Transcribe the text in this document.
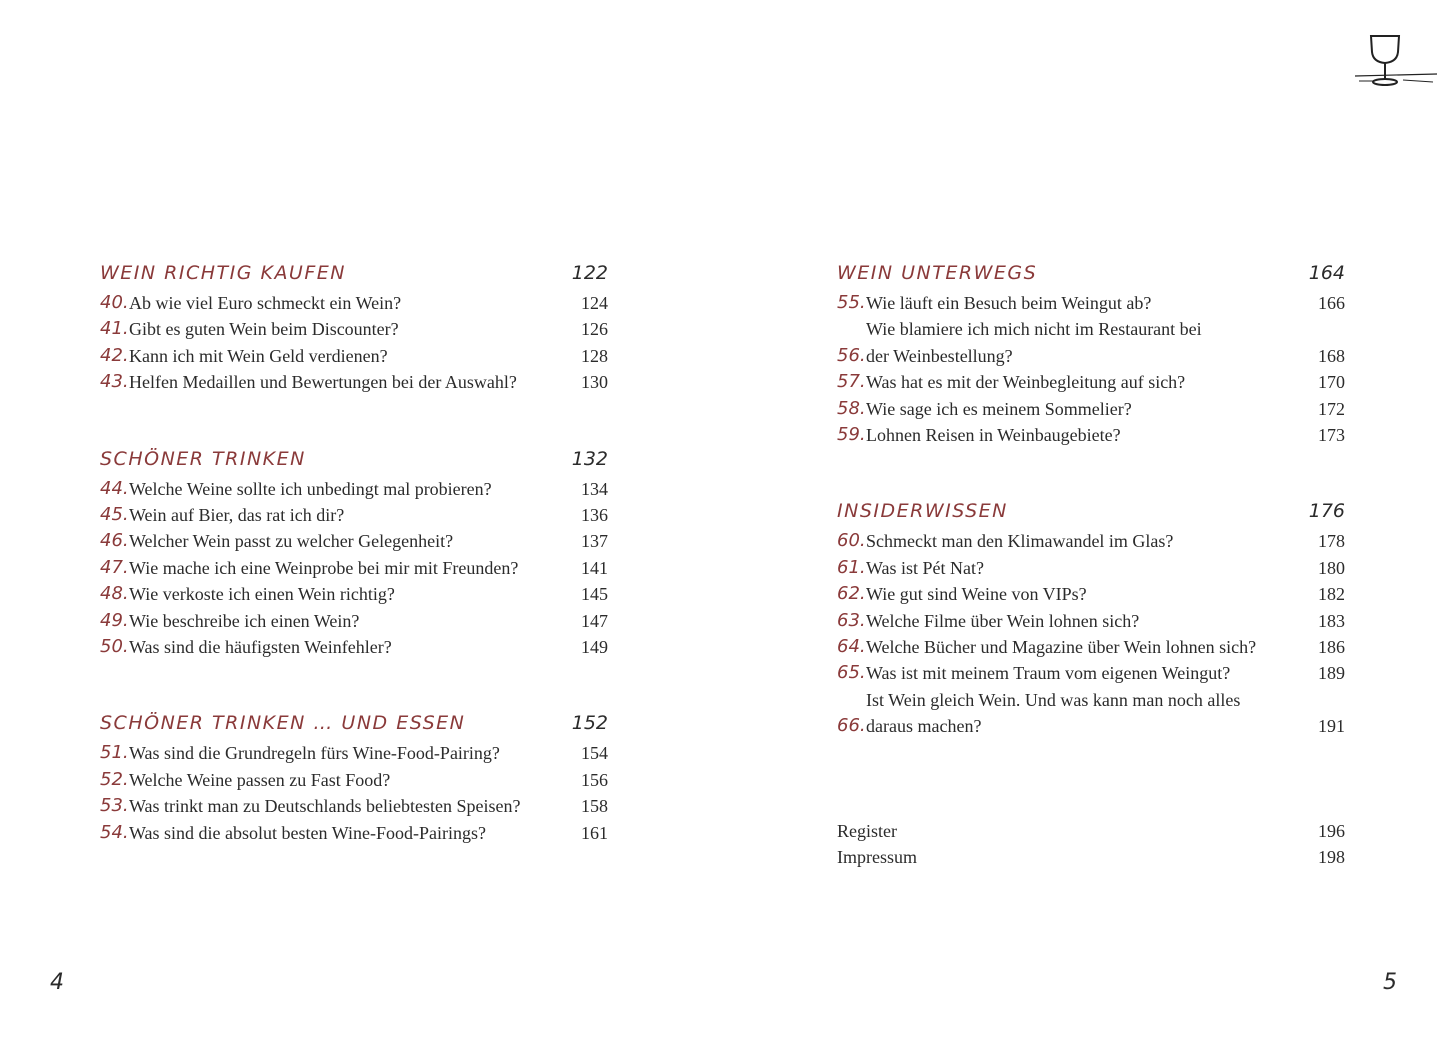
WEIN RICHTIG KAUFEN	122
40. Ab wie viel Euro schmeckt ein Wein?	124
41. Gibt es guten Wein beim Discounter?	126
42. Kann ich mit Wein Geld verdienen?	128
43. Helfen Medaillen und Bewertungen bei der Auswahl?	130
SCHÖNER TRINKEN	132
44. Welche Weine sollte ich unbedingt mal probieren?	134
45. Wein auf Bier, das rat ich dir?	136
46. Welcher Wein passt zu welcher Gelegenheit?	137
47. Wie mache ich eine Weinprobe bei mir mit Freunden?	141
48. Wie verkoste ich einen Wein richtig?	145
49. Wie beschreibe ich einen Wein?	147
50. Was sind die häufigsten Weinfehler?	149
SCHÖNER TRINKEN … UND ESSEN	152
51. Was sind die Grundregeln fürs Wine-Food-Pairing?	154
52. Welche Weine passen zu Fast Food?	156
53. Was trinkt man zu Deutschlands beliebtesten Speisen?	158
54. Was sind die absolut besten Wine-Food-Pairings?	161
WEIN UNTERWEGS	164
55. Wie läuft ein Besuch beim Weingut ab?	166
56.
Wie blamiere ich mich nicht im Restaurant bei
der Weinbestellung?	168
57. Was hat es mit der Weinbegleitung auf sich?	170
58. Wie sage ich es meinem Sommelier?	172
59. Lohnen Reisen in Weinbaugebiete?	173
INSIDERWISSEN	176
60. Schmeckt man den Klimawandel im Glas?	178
61. Was ist Pét Nat?	180
62. Wie gut sind Weine von VIPs?	182
63. Welche Filme über Wein lohnen sich?	183
64. Welche Bücher und Magazine über Wein lohnen sich?	186
65. Was ist mit meinem Traum vom eigenen Weingut?	189
66.
Ist Wein gleich Wein. Und was kann man noch alles
daraus machen?	191
Register	196
Impressum	198
4	5
